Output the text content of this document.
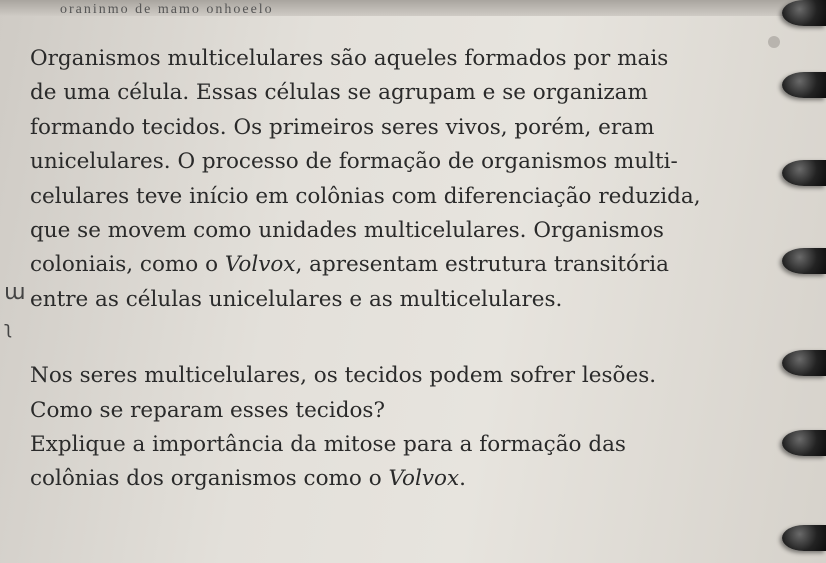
oraninmo de mamo onhoeelo
Organismos multicelulares são aqueles formados por mais
de uma célula. Essas células se agrupam e se organizam
formando tecidos. Os primeiros seres vivos, porém, eram
unicelulares. O processo de formação de organismos multi-
celulares teve início em colônias com diferenciação reduzida,
que se movem como unidades multicelulares. Organismos
coloniais, como o Volvox, apresentam estrutura transitória
entre as células unicelulares e as multicelulares.
Nos seres multicelulares, os tecidos podem sofrer lesões.
Como se reparam esses tecidos?
Explique a importância da mitose para a formação das
colônias dos organismos como o Volvox.
ɯ
ʅ
